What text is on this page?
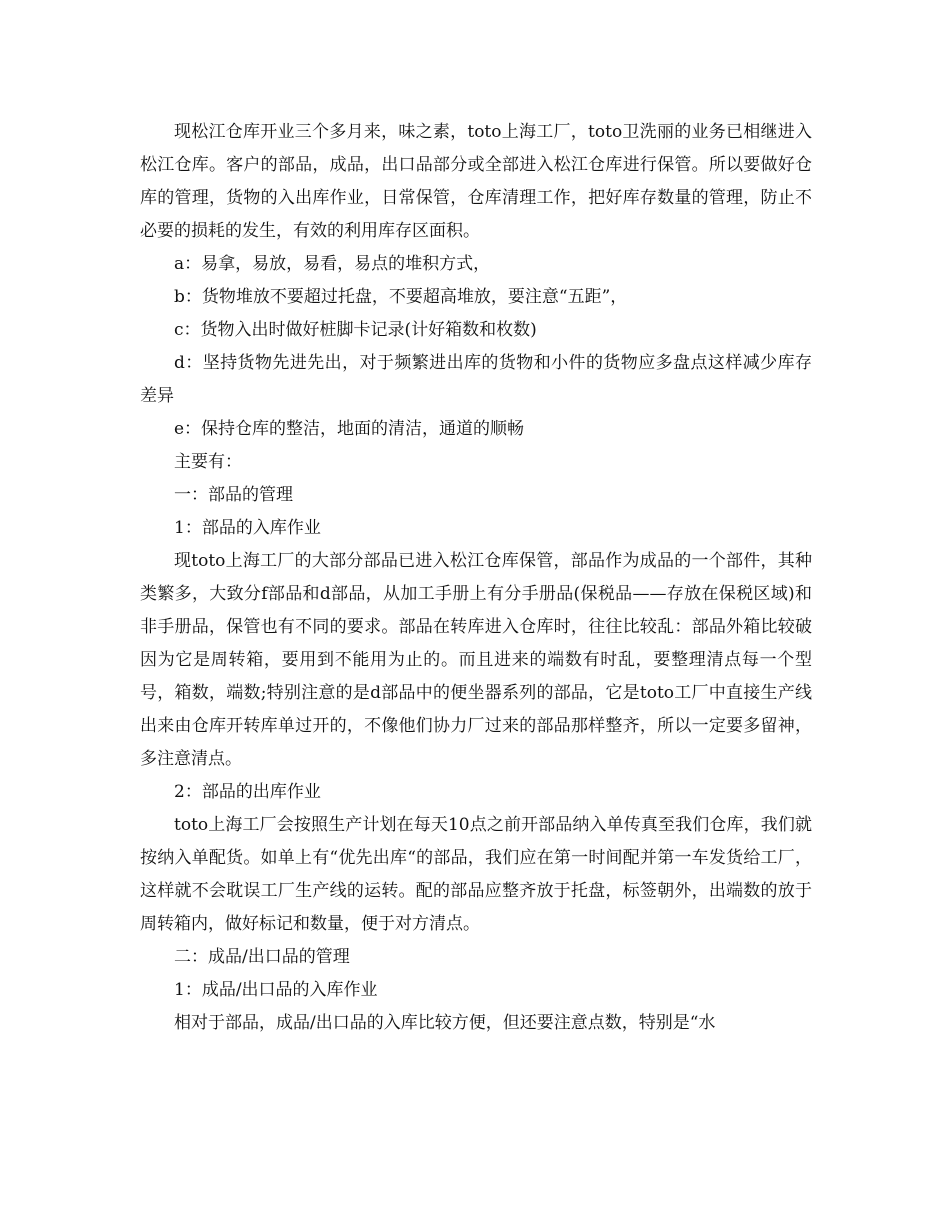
现松江仓库开业三个多月来，味之素，toto上海工厂，toto卫洗丽的业务已相继进入松江仓库。客户的部品，成品，出口品部分或全部进入松江仓库进行保管。所以要做好仓库的管理，货物的入出库作业，日常保管，仓库清理工作，把好库存数量的管理，防止不必要的损耗的发生，有效的利用库存区面积。

a：易拿，易放，易看，易点的堆积方式，

b：货物堆放不要超过托盘，不要超高堆放，要注意“五距”，

c：货物入出时做好桩脚卡记录(计好箱数和枚数)

d：坚持货物先进先出，对于频繁进出库的货物和小件的货物应多盘点这样减少库存差异

e：保持仓库的整洁，地面的清洁，通道的顺畅

主要有：

一：部品的管理

1：部品的入库作业

现toto上海工厂的大部分部品已进入松江仓库保管，部品作为成品的一个部件，其种类繁多，大致分f部品和d部品，从加工手册上有分手册品(保税品——存放在保税区域)和非手册品，保管也有不同的要求。部品在转库进入仓库时，往往比较乱：部品外箱比较破因为它是周转箱，要用到不能用为止的。而且进来的端数有时乱，要整理清点每一个型号，箱数，端数;特别注意的是d部品中的便坐器系列的部品，它是toto工厂中直接生产线出来由仓库开转库单过开的，不像他们协力厂过来的部品那样整齐，所以一定要多留神，多注意清点。

2：部品的出库作业

toto上海工厂会按照生产计划在每天10点之前开部品纳入单传真至我们仓库，我们就按纳入单配货。如单上有“优先出库“的部品，我们应在第一时间配并第一车发货给工厂，这样就不会耽误工厂生产线的运转。配的部品应整齐放于托盘，标签朝外，出端数的放于周转箱内，做好标记和数量，便于对方清点。

二：成品/出口品的管理

1：成品/出口品的入库作业

相对于部品，成品/出口品的入库比较方便，但还要注意点数，特别是“水
